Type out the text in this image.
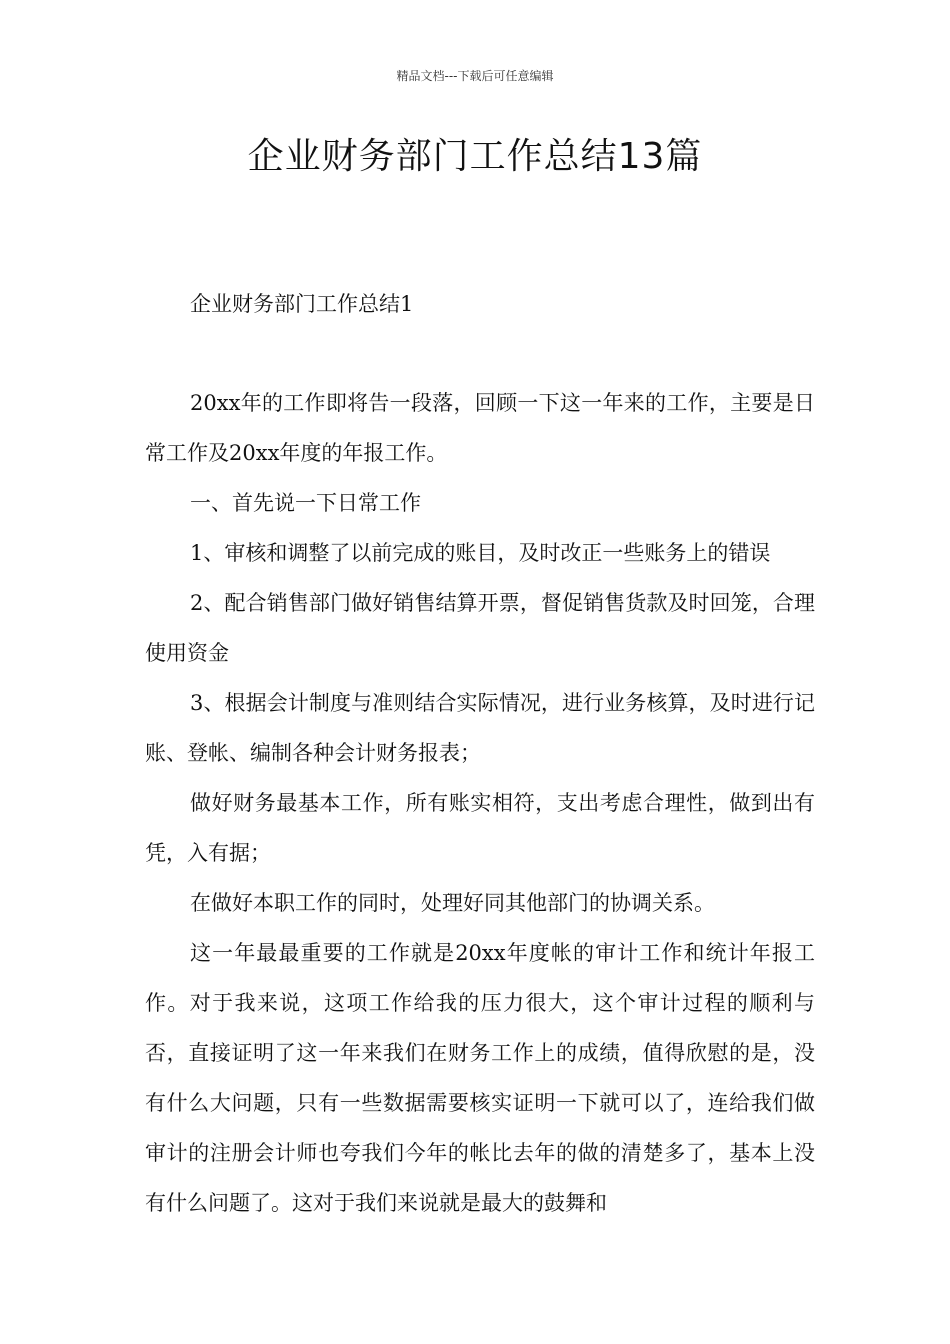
精品文档---下载后可任意编辑
企业财务部门工作总结13篇
企业财务部门工作总结1

20xx年的工作即将告一段落，回顾一下这一年来的工作，主要是日常工作及20xx年度的年报工作。

一、首先说一下日常工作

1、审核和调整了以前完成的账目，及时改正一些账务上的错误

2、配合销售部门做好销售结算开票，督促销售货款及时回笼，合理使用资金

3、根据会计制度与准则结合实际情况，进行业务核算，及时进行记账、登帐、编制各种会计财务报表；

做好财务最基本工作，所有账实相符，支出考虑合理性，做到出有凭，入有据；

在做好本职工作的同时，处理好同其他部门的协调关系。

这一年最最重要的工作就是20xx年度帐的审计工作和统计年报工作。对于我来说，这项工作给我的压力很大，这个审计过程的顺利与否，直接证明了这一年来我们在财务工作上的成绩，值得欣慰的是，没有什么大问题，只有一些数据需要核实证明一下就可以了，连给我们做审计的注册会计师也夸我们今年的帐比去年的做的清楚多了，基本上没有什么问题了。这对于我们来说就是最大的鼓舞和
